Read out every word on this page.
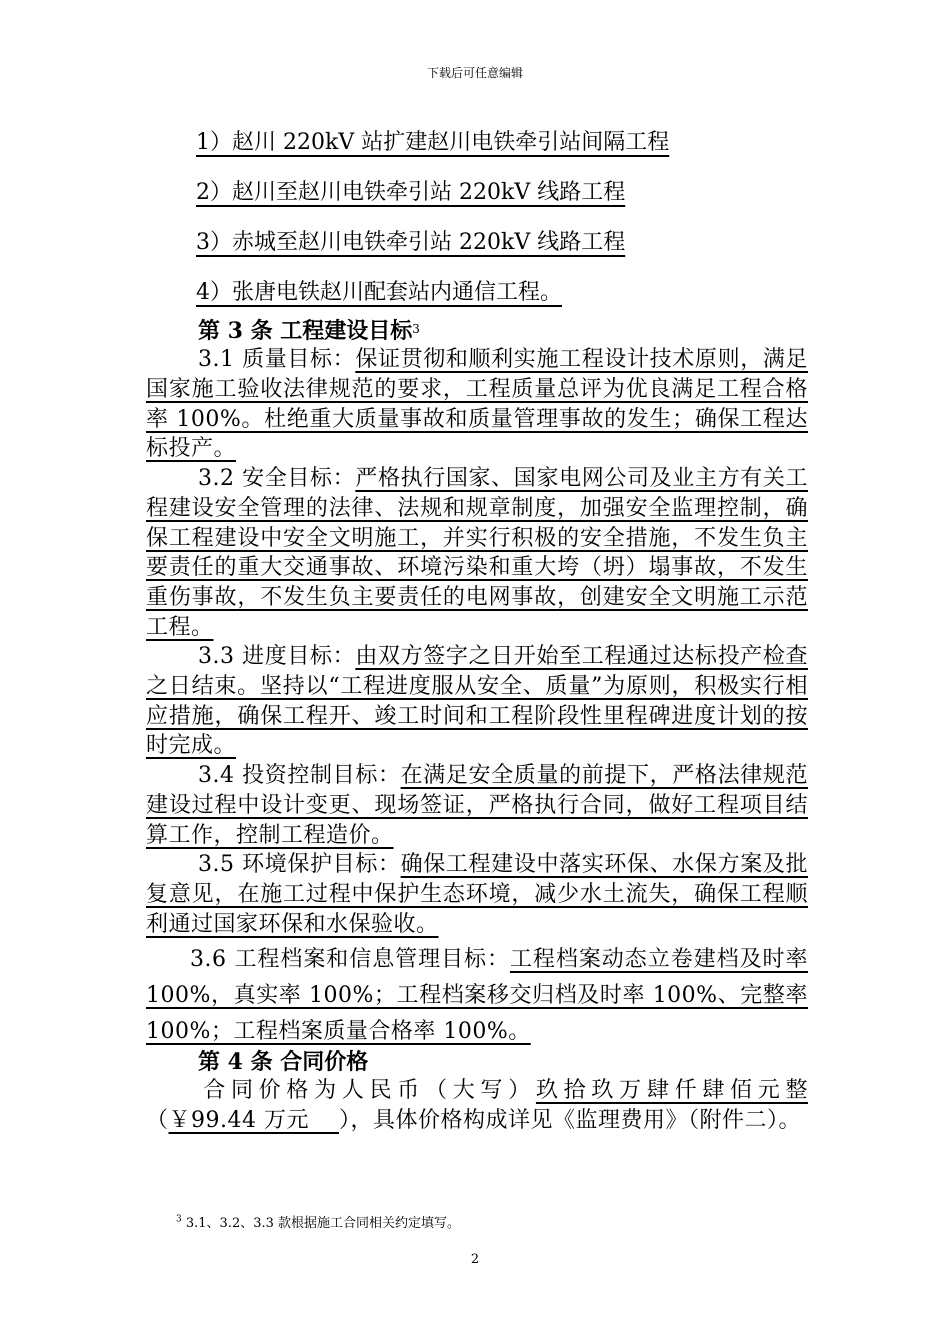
下载后可任意编辑
1）赵川 220kV 站扩建赵川电铁牵引站间隔工程
2）赵川至赵川电铁牵引站 220kV 线路工程
3）赤城至赵川电铁牵引站 220kV 线路工程
4）张唐电铁赵川配套站内通信工程。
第 3 条 工程建设目标$^3$
3.1 质量目标：保证贯彻和顺利实施工程设计技术原则，满足国家施工验收法律规范的要求，工程质量总评为优良满足工程合格率 100%。杜绝重大质量事故和质量管理事故的发生；确保工程达标投产。
3.2 安全目标：严格执行国家、国家电网公司及业主方有关工程建设安全管理的法律、法规和规章制度，加强安全监理控制，确保工程建设中安全文明施工，并实行积极的安全措施，不发生负主要责任的重大交通事故、环境污染和重大垮（坍）塌事故，不发生重伤事故，不发生负主要责任的电网事故，创建安全文明施工示范工程。
3.3 进度目标：由双方签字之日开始至工程通过达标投产检查之日结束。坚持以“工程进度服从安全、质量”为原则，积极实行相应措施，确保工程开、竣工时间和工程阶段性里程碑进度计划的按时完成。
3.4 投资控制目标：在满足安全质量的前提下，严格法律规范建设过程中设计变更、现场签证，严格执行合同，做好工程项目结算工作，控制工程造价。
3.5 环境保护目标：确保工程建设中落实环保、水保方案及批复意见，在施工过程中保护生态环境，减少水土流失，确保工程顺利通过国家环保和水保验收。
3.6 工程档案和信息管理目标：工程档案动态立卷建档及时率 100%，真实率 100%；工程档案移交归档及时率 100%、完整率 100%；工程档案质量合格率 100%。
第 4 条 合同价格
合同价格为人民币（大写）玖拾玖万肆仟肆佰元整（￥99.44 万元    ），具体价格构成详见《监理费用》（附件二）。
$^3$ 3.1、3.2、3.3 款根据施工合同相关约定填写。
2
